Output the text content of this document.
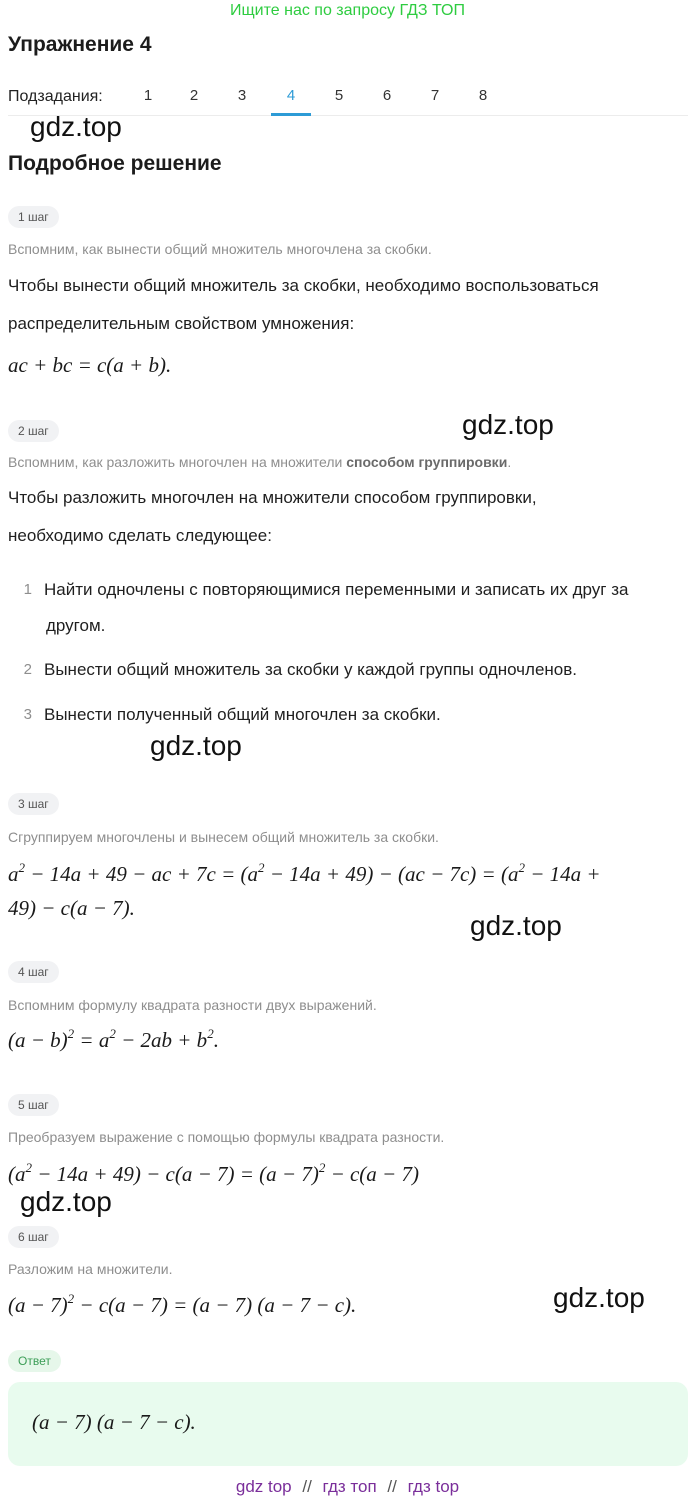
Ищите нас по запросу ГДЗ ТОП
Упражнение 4
Подзадания:	1	2	3	4	5	6	7	8
gdz.top
gdz.top
gdz.top
gdz.top
gdz.top
gdz.top
Подробное решение
1 шаг
Вспомним, как вынести общий множитель многочлена за скобки.
Чтобы вынести общий множитель за скобки, необходимо воспользоваться
распределительным свойством умножения:
ac + bc = c(a + b).
2 шаг
Вспомним, как разложить многочлен на множители способом группировки.
Чтобы разложить многочлен на множители способом группировки,
необходимо сделать следующее:
1 Найти одночлены с повторяющимися переменными и записать их друг за
другом.
2 Вынести общий множитель за скобки у каждой группы одночленов.
3 Вынести полученный общий многочлен за скобки.
3 шаг
Сгруппируем многочлены и вынесем общий множитель за скобки.
$a^2 - 14a + 49$ − ac + $7c = (a^2 - 14a + 49) - (ac - 7c) = (a^2 - 14a$ +
49) − c(a − 7).
4 шаг
Вспомним формулу квадрата разности двух выражений.
$(a - b)^2 = a^2 - 2ab + b^2$.
5 шаг
Преобразуем выражение с помощью формулы квадрата разности.
$(a^2 - 14a + 49) - c(a - 7) = (a - 7)^2 - c(a - 7)$
6 шаг
Разложим на множители.
$(a - 7)^2 - c(a - 7) = (a - 7)$ (a − 7 − c).
Ответ
(a − 7) (a − 7 − c).
gdz top // гдз топ // гдз top
